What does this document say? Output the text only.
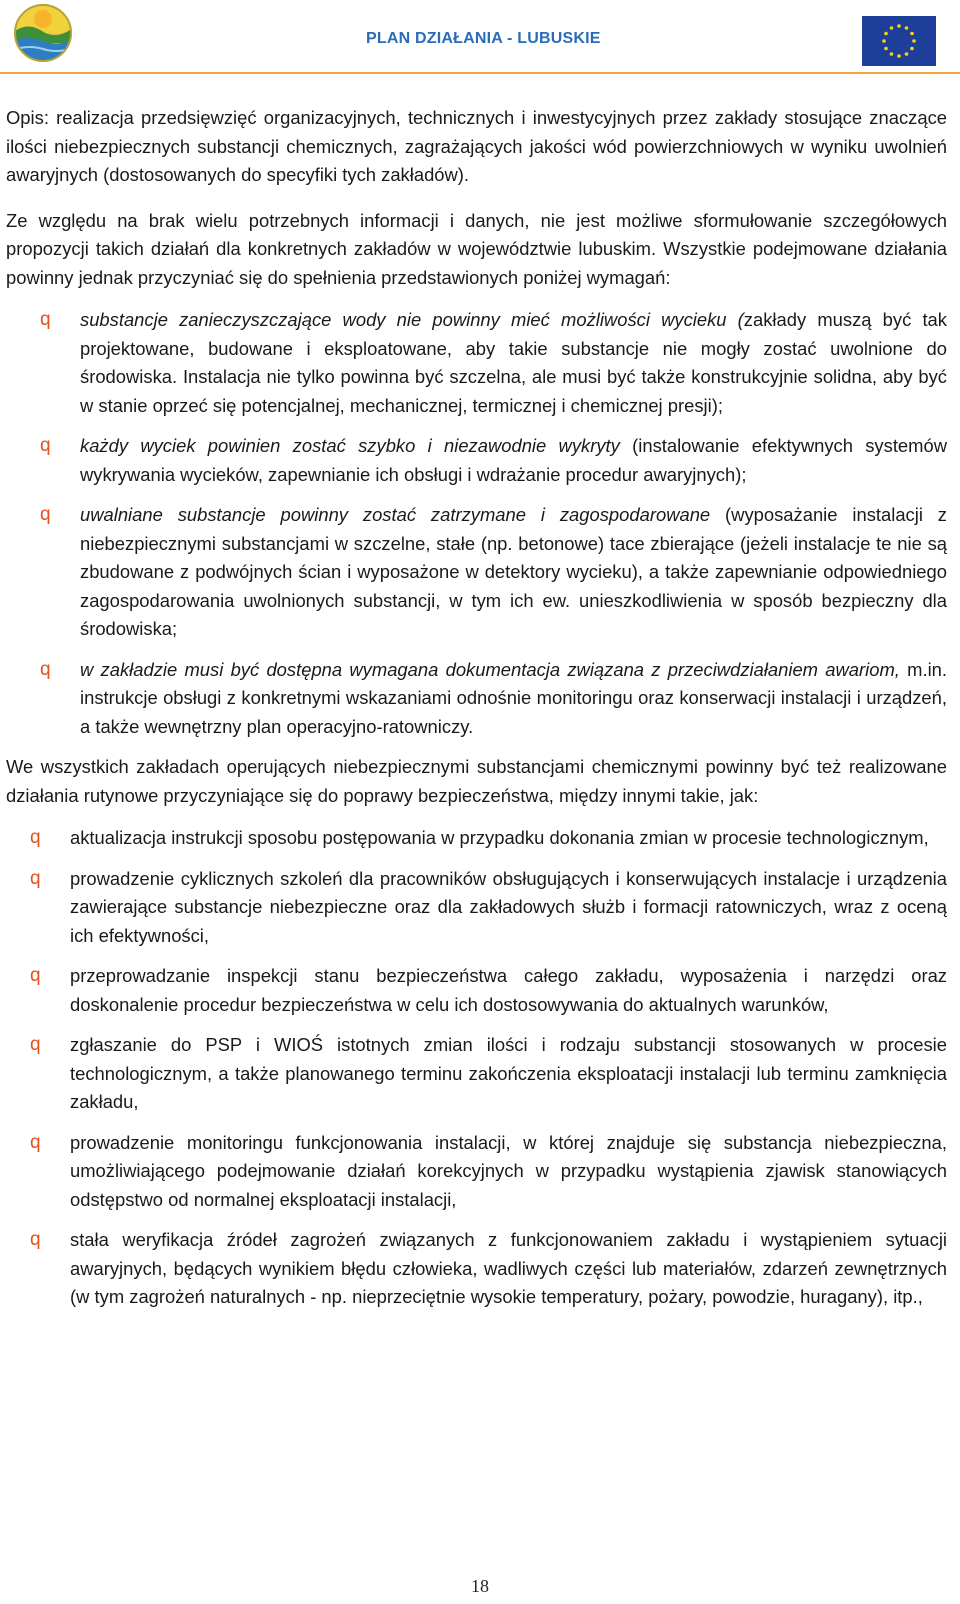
PLAN DZIAŁANIA - LUBUSKIE

Opis: realizacja przedsięwzięć organizacyjnych, technicznych i inwestycyjnych przez zakłady stosujące znaczące ilości niebezpiecznych substancji chemicznych, zagrażających jakości wód powierzchniowych w wyniku uwolnień awaryjnych (dostosowanych do specyfiki tych zakładów).

Ze względu na brak wielu potrzebnych informacji i danych, nie jest możliwe sformułowanie szczegółowych propozycji takich działań dla konkretnych zakładów w województwie lubuskim. Wszystkie podejmowane działania powinny jednak przyczyniać się do spełnienia przedstawionych poniżej wymagań:

q substancje zanieczyszczające wody nie powinny mieć możliwości wycieku (zakłady muszą być tak projektowane, budowane i eksploatowane, aby takie substancje nie mogły zostać uwolnione do środowiska. Instalacja nie tylko powinna być szczelna, ale musi być także konstrukcyjnie solidna, aby być w stanie oprzeć się potencjalnej, mechanicznej, termicznej i chemicznej presji);
q każdy wyciek powinien zostać szybko i niezawodnie wykryty (instalowanie efektywnych systemów wykrywania wycieków, zapewnianie ich obsługi i wdrażanie procedur awaryjnych);
q uwalniane substancje powinny zostać zatrzymane i zagospodarowane (wyposażanie instalacji z niebezpiecznymi substancjami w szczelne, stałe (np. betonowe) tace zbierające (jeżeli instalacje te nie są zbudowane z podwójnych ścian i wyposażone w detektory wycieku), a także zapewnianie odpowiedniego zagospodarowania uwolnionych substancji, w tym ich ew. unieszkodliwienia w sposób bezpieczny dla środowiska;
q w zakładzie musi być dostępna wymagana dokumentacja związana z przeciwdziałaniem awariom, m.in. instrukcje obsługi z konkretnymi wskazaniami odnośnie monitoringu oraz konserwacji instalacji i urządzeń, a także wewnętrzny plan operacyjno-ratowniczy.

We wszystkich zakładach operujących niebezpiecznymi substancjami chemicznymi powinny być też realizowane działania rutynowe przyczyniające się do poprawy bezpieczeństwa, między innymi takie, jak:

q aktualizacja instrukcji sposobu postępowania w przypadku dokonania zmian w procesie technologicznym,
q prowadzenie cyklicznych szkoleń dla pracowników obsługujących i konserwujących instalacje i urządzenia zawierające substancje niebezpieczne oraz dla zakładowych służb i formacji ratowniczych, wraz z oceną ich efektywności,
q przeprowadzanie inspekcji stanu bezpieczeństwa całego zakładu, wyposażenia i narzędzi oraz doskonalenie procedur bezpieczeństwa w celu ich dostosowywania do aktualnych warunków,
q zgłaszanie do PSP i WIOŚ istotnych zmian ilości i rodzaju substancji stosowanych w procesie technologicznym, a także planowanego terminu zakończenia eksploatacji instalacji lub terminu zamknięcia zakładu,
q prowadzenie monitoringu funkcjonowania instalacji, w której znajduje się substancja niebezpieczna, umożliwiającego podejmowanie działań korekcyjnych w przypadku wystąpienia zjawisk stanowiących odstępstwo od normalnej eksploatacji instalacji,
q stała weryfikacja źródeł zagrożeń związanych z funkcjonowaniem zakładu i wystąpieniem sytuacji awaryjnych, będących wynikiem błędu człowieka, wadliwych części lub materiałów, zdarzeń zewnętrznych (w tym zagrożeń naturalnych - np. nieprzeciętnie wysokie temperatury, pożary, powodzie, huragany), itp.,
18
